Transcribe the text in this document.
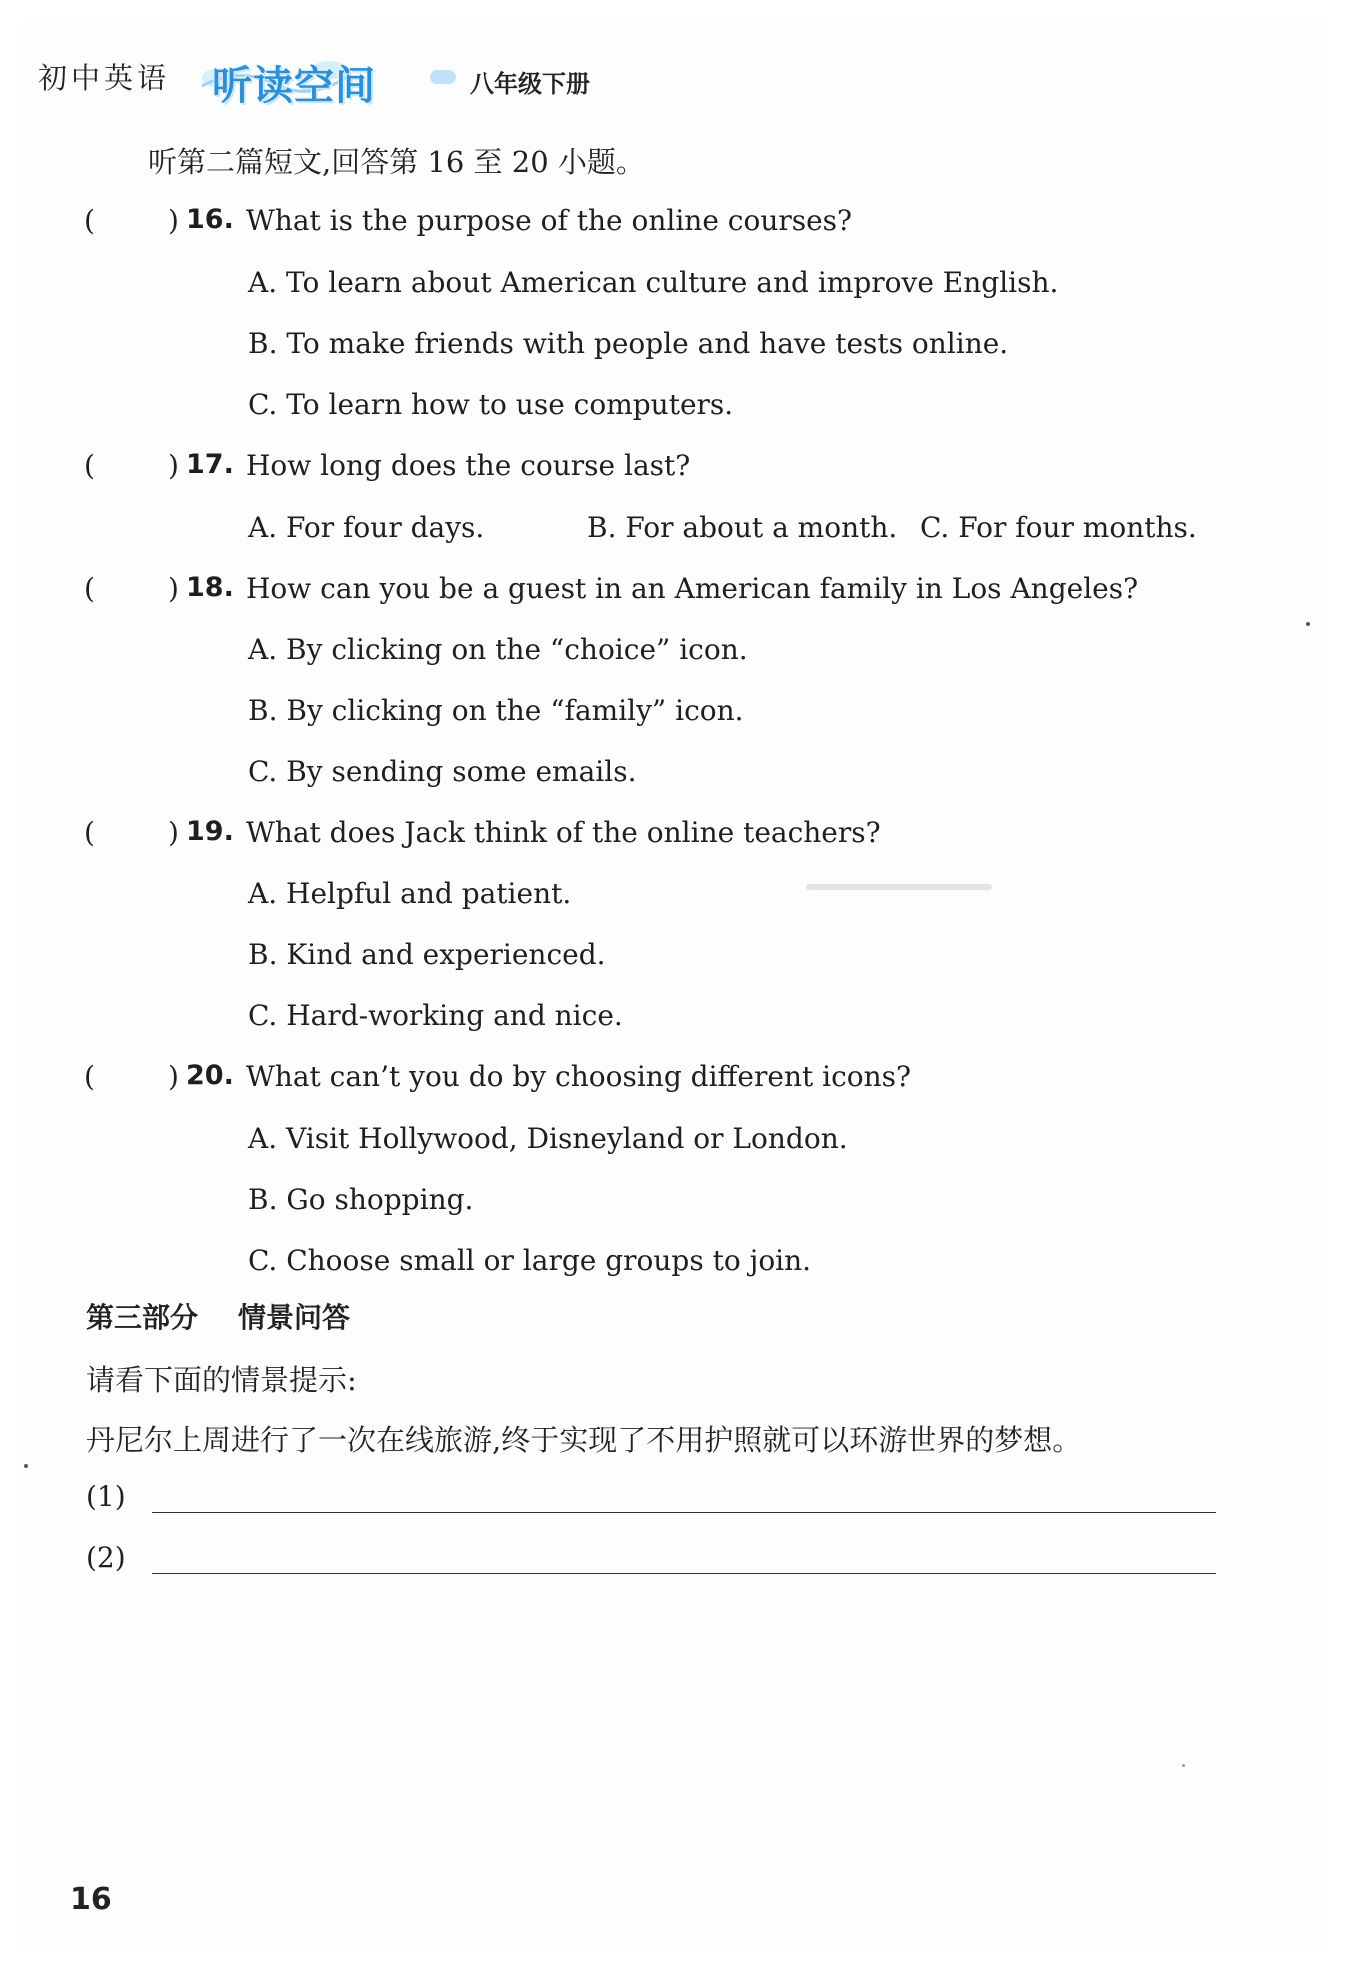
初中英语 听读空间	八年级下册
听第二篇短文,回答第 16 至 20 小题。
(	) 16. What is the purpose of the online courses?
A. To learn about American culture and improve English.
B. To make friends with people and have tests online.
C. To learn how to use computers.
(	) 17. How long does the course last?
A. For four days.	B. For about a month. C. For four months.
(	) 18. How can you be a guest in an American family in Los Angeles?
A. By clicking on the “choice” icon.
B. By clicking on the “family” icon.
C. By sending some emails.
(	) 19. What does Jack think of the online teachers?
A. Helpful and patient.
B. Kind and experienced.
C. Hard-working and nice.
(	) 20. What can’t you do by choosing different icons?
A. Visit Hollywood, Disneyland or London.
B. Go shopping.
C. Choose small or large groups to join.
第三部分 情景问答
请看下面的情景提示:
丹尼尔上周进行了一次在线旅游,终于实现了不用护照就可以环游世界的梦想。
(1)
(2)
16
